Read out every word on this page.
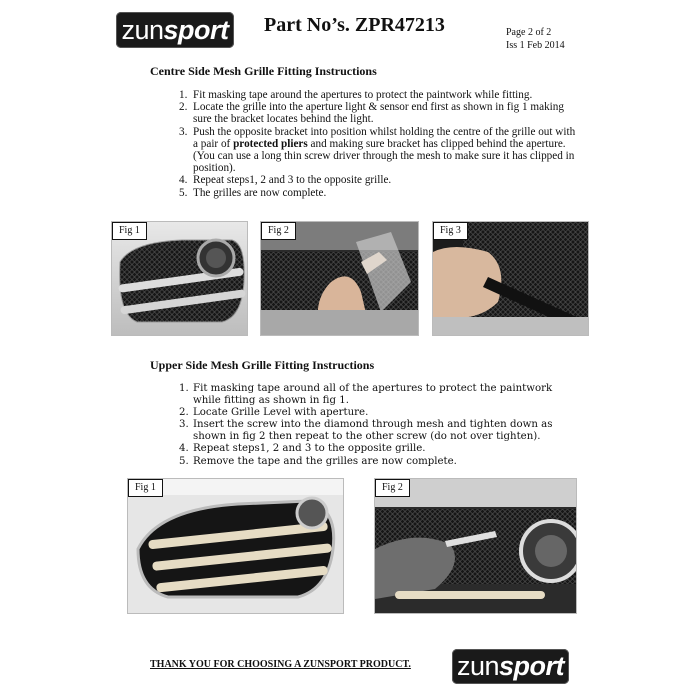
zun sport Part No’s. ZPR47213	Page 2 of 2
Iss 1 Feb 2014
Centre Side Mesh Grille Fitting Instructions
1. Fit masking tape around the apertures to protect the paintwork while fitting.
2. Locate the grille into the aperture light & sensor end first as shown in fig 1 making sure the bracket locates behind the light.
3. Push the opposite bracket into position whilst holding the centre of the grille out with a pair of protected pliers and making sure bracket has clipped behind the aperture. (You can use a long thin screw driver through the mesh to make sure it has clipped in position).
4. Repeat steps1, 2 and 3 to the opposite grille.
5. The grilles are now complete.
Fig 1	Fig 2	Fig 3
Upper Side Mesh Grille Fitting Instructions
1. Fit masking tape around all of the apertures to protect the paintwork while fitting as shown in fig 1.
2. Locate Grille Level with aperture.
3. Insert the screw into the diamond through mesh and tighten down as shown in fig 2 then repeat to the other screw (do not over tighten).
4. Repeat steps1, 2 and 3 to the opposite grille.
5. Remove the tape and the grilles are now complete.
Fig 1	Fig 2
THANK YOU FOR CHOOSING A ZUNSPORT PRODUCT. zun sport
